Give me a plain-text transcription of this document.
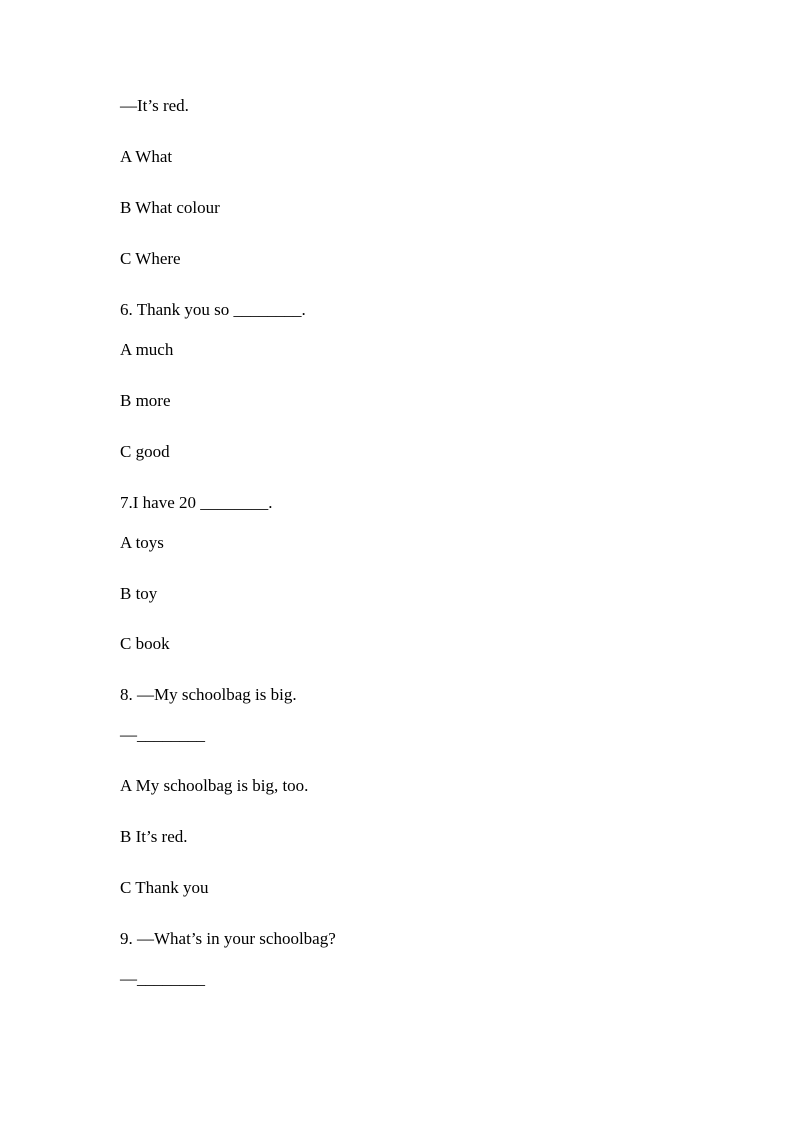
—It’s red.
A What
B What colour
C Where
6. Thank you so ________.
A much
B more
C good
7.I have 20 ________.
A toys
B toy
C book
8. —My schoolbag is big.
—________
A My schoolbag is big, too.
B It’s red.
C Thank you
9. —What’s in your schoolbag?
—________
